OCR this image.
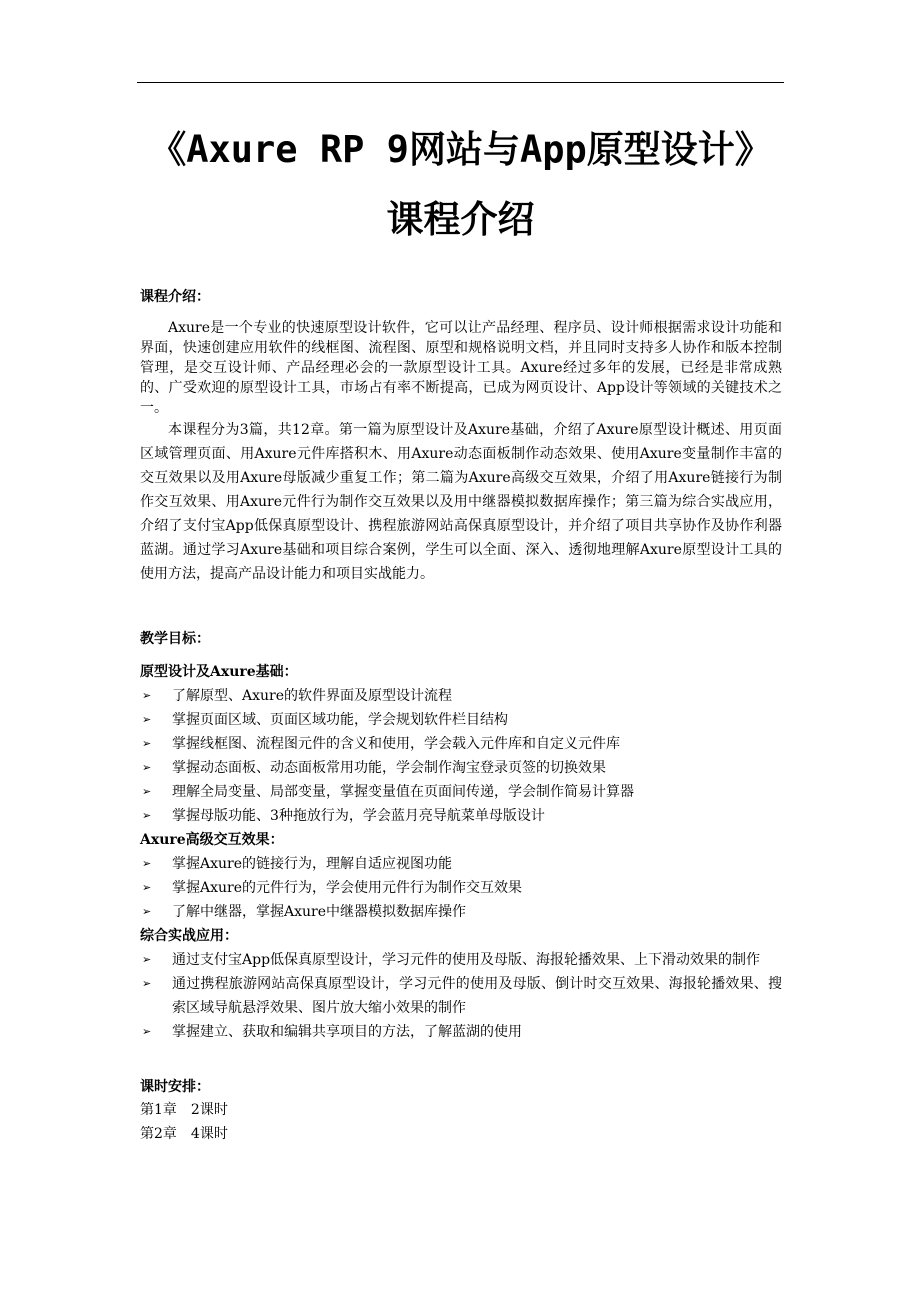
《Axure RP 9网站与App原型设计》
课程介绍
课程介绍：

Axure是一个专业的快速原型设计软件，它可以让产品经理、程序员、设计师根据需求设计功能和界面，快速创建应用软件的线框图、流程图、原型和规格说明文档，并且同时支持多人协作和版本控制管理，是交互设计师、产品经理必会的一款原型设计工具。Axure经过多年的发展，已经是非常成熟的、广受欢迎的原型设计工具，市场占有率不断提高，已成为网页设计、App设计等领域的关键技术之一。

本课程分为3篇，共12章。第一篇为原型设计及Axure基础，介绍了Axure原型设计概述、用页面区域管理页面、用Axure元件库搭积木、用Axure动态面板制作动态效果、使用Axure变量制作丰富的交互效果以及用Axure母版减少重复工作；第二篇为Axure高级交互效果，介绍了用Axure链接行为制作交互效果、用Axure元件行为制作交互效果以及用中继器模拟数据库操作；第三篇为综合实战应用，介绍了支付宝App低保真原型设计、携程旅游网站高保真原型设计，并介绍了项目共享协作及协作利器蓝湖。通过学习Axure基础和项目综合案例，学生可以全面、深入、透彻地理解Axure原型设计工具的使用方法，提高产品设计能力和项目实战能力。

教学目标：
原型设计及Axure基础：
➢	了解原型、Axure的软件界面及原型设计流程
➢	掌握页面区域、页面区域功能，学会规划软件栏目结构
➢	掌握线框图、流程图元件的含义和使用，学会载入元件库和自定义元件库
➢	掌握动态面板、动态面板常用功能，学会制作淘宝登录页签的切换效果
➢	理解全局变量、局部变量，掌握变量值在页面间传递，学会制作简易计算器
➢	掌握母版功能、3种拖放行为，学会蓝月亮导航菜单母版设计
Axure高级交互效果：
➢	掌握Axure的链接行为，理解自适应视图功能
➢	掌握Axure的元件行为，学会使用元件行为制作交互效果
➢	了解中继器，掌握Axure中继器模拟数据库操作
综合实战应用：
➢	通过支付宝App低保真原型设计，学习元件的使用及母版、海报轮播效果、上下滑动效果的制作
➢	通过携程旅游网站高保真原型设计，学习元件的使用及母版、倒计时交互效果、海报轮播效果、搜索区域导航悬浮效果、图片放大缩小效果的制作
➢	掌握建立、获取和编辑共享项目的方法，了解蓝湖的使用
课时安排：
第1章 2课时
第2章 4课时
